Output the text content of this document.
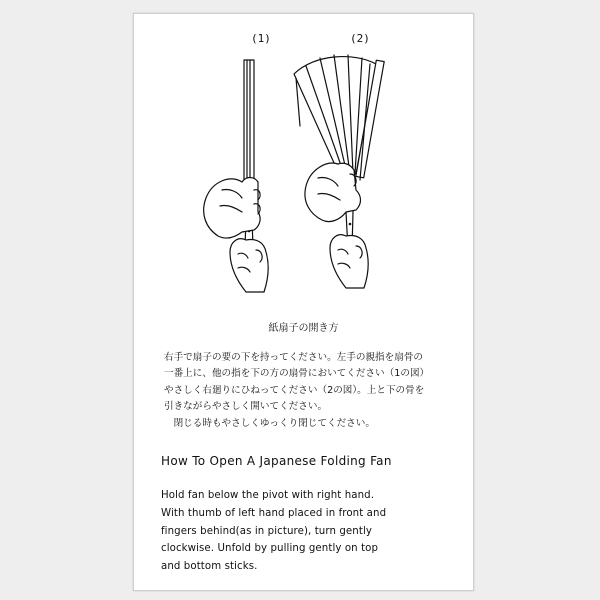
(1)	(2)
紙扇子の開き方
右手で扇子の要の下を持ってください。左手の親指を扇骨の
一番上に、他の指を下の方の扇骨においてください（1の図）
やさしく右廻りにひねってください（2の図）。上と下の骨を
引きながらやさしく開いてください。
　閉じる時もやさしくゆっくり閉じてください。
How To Open A Japanese Folding Fan
Hold fan below the pivot with right hand.
With thumb of left hand placed in front and
fingers behind(as in picture), turn gently
clockwise. Unfold by pulling gently on top
and bottom sticks.
